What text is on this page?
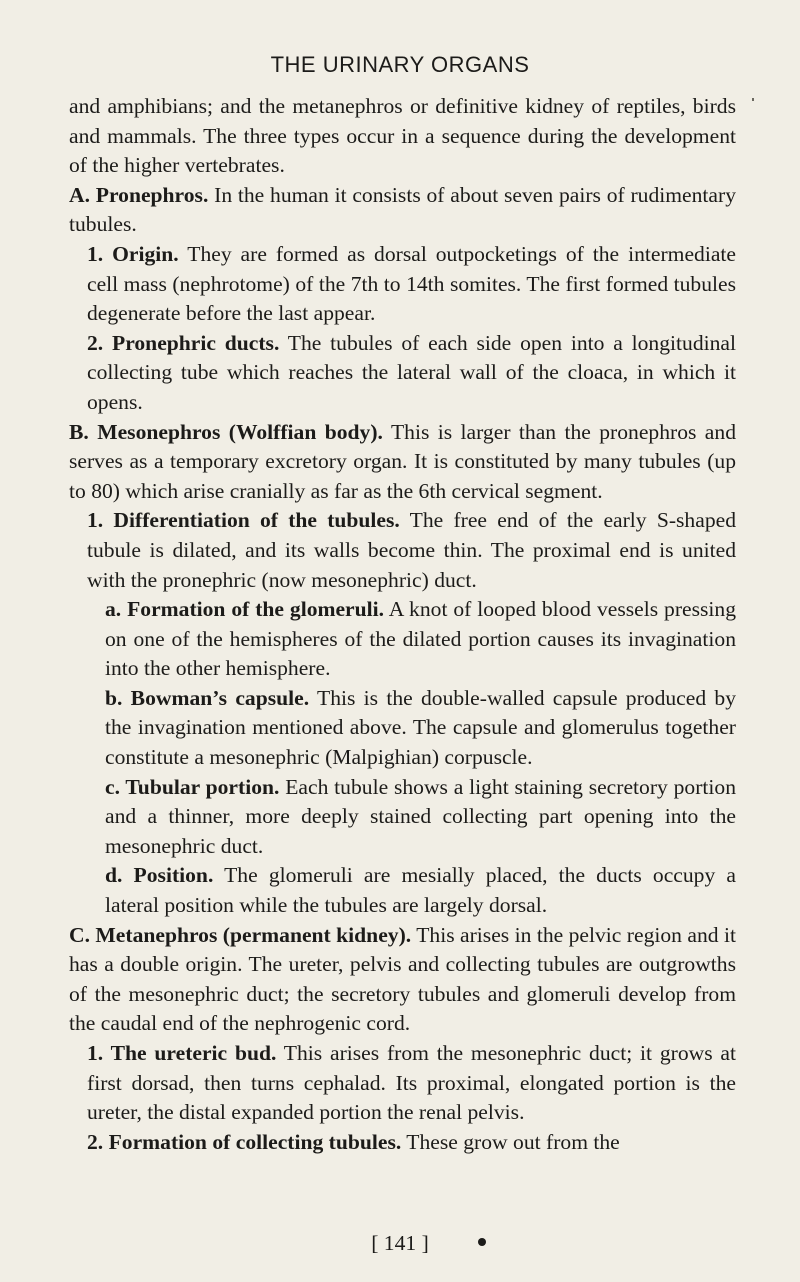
THE URINARY ORGANS

and amphibians; and the metanephros or definitive kidney of reptiles, birds and mammals. The three types occur in a sequence during the development of the higher vertebrates.

A. Pronephros. In the human it consists of about seven pairs of rudimentary tubules.

1. Origin. They are formed as dorsal outpocketings of the intermediate cell mass (nephrotome) of the 7th to 14th somites. The first formed tubules degenerate before the last appear.

2. Pronephric ducts. The tubules of each side open into a longitudinal collecting tube which reaches the lateral wall of the cloaca, in which it opens.

B. Mesonephros (Wolffian body). This is larger than the pronephros and serves as a temporary excretory organ. It is constituted by many tubules (up to 80) which arise cranially as far as the 6th cervical segment.

1. Differentiation of the tubules. The free end of the early S-shaped tubule is dilated, and its walls become thin. The proximal end is united with the pronephric (now mesonephric) duct.

a. Formation of the glomeruli. A knot of looped blood vessels pressing on one of the hemispheres of the dilated portion causes its invagination into the other hemisphere.

b. Bowman’s capsule. This is the double-walled capsule produced by the invagination mentioned above. The capsule and glomerulus together constitute a mesonephric (Malpighian) corpuscle.

c. Tubular portion. Each tubule shows a light staining secretory portion and a thinner, more deeply stained collecting part opening into the mesonephric duct.

d. Position. The glomeruli are mesially placed, the ducts occupy a lateral position while the tubules are largely dorsal.

C. Metanephros (permanent kidney). This arises in the pelvic region and it has a double origin. The ureter, pelvis and collecting tubules are outgrowths of the mesonephric duct; the secretory tubules and glomeruli develop from the caudal end of the nephrogenic cord.

1. The ureteric bud. This arises from the mesonephric duct; it grows at first dorsad, then turns cephalad. Its proximal, elongated portion is the ureter, the distal expanded portion the renal pelvis.

2. Formation of collecting tubules. These grow out from the

[ 141 ]
